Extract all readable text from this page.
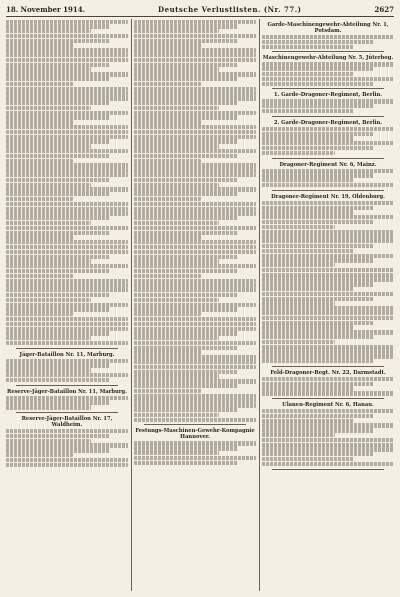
18. November 1914.	Deutsche Verlustlisten. (Nr. 77.)	2627
Jäger-Bataillon Nr. 11, Marburg.
Reserve-Jäger-Bataillon Nr. 11, Marburg.
Reserve-Jäger-Bataillon Nr. 17, Waldheim.
Festungs-Maschinen-Gewehr-Kompagnie Hannover.
Garde-Maschinengewehr-Abteilung Nr. 1, Potsdam.
Maschinengewehr-Abteilung Nr. 5, Jüterbog.
1. Garde-Dragoner-Regiment, Berlin.
2. Garde-Dragoner-Regiment, Berlin.
Dragoner-Regiment Nr. 6, Mainz.
Dragoner-Regiment Nr. 19, Oldenburg.
Feld-Dragoner-Regt. Nr. 22, Darmstadt.
Ulanen-Regiment Nr. 6, Hanau.
